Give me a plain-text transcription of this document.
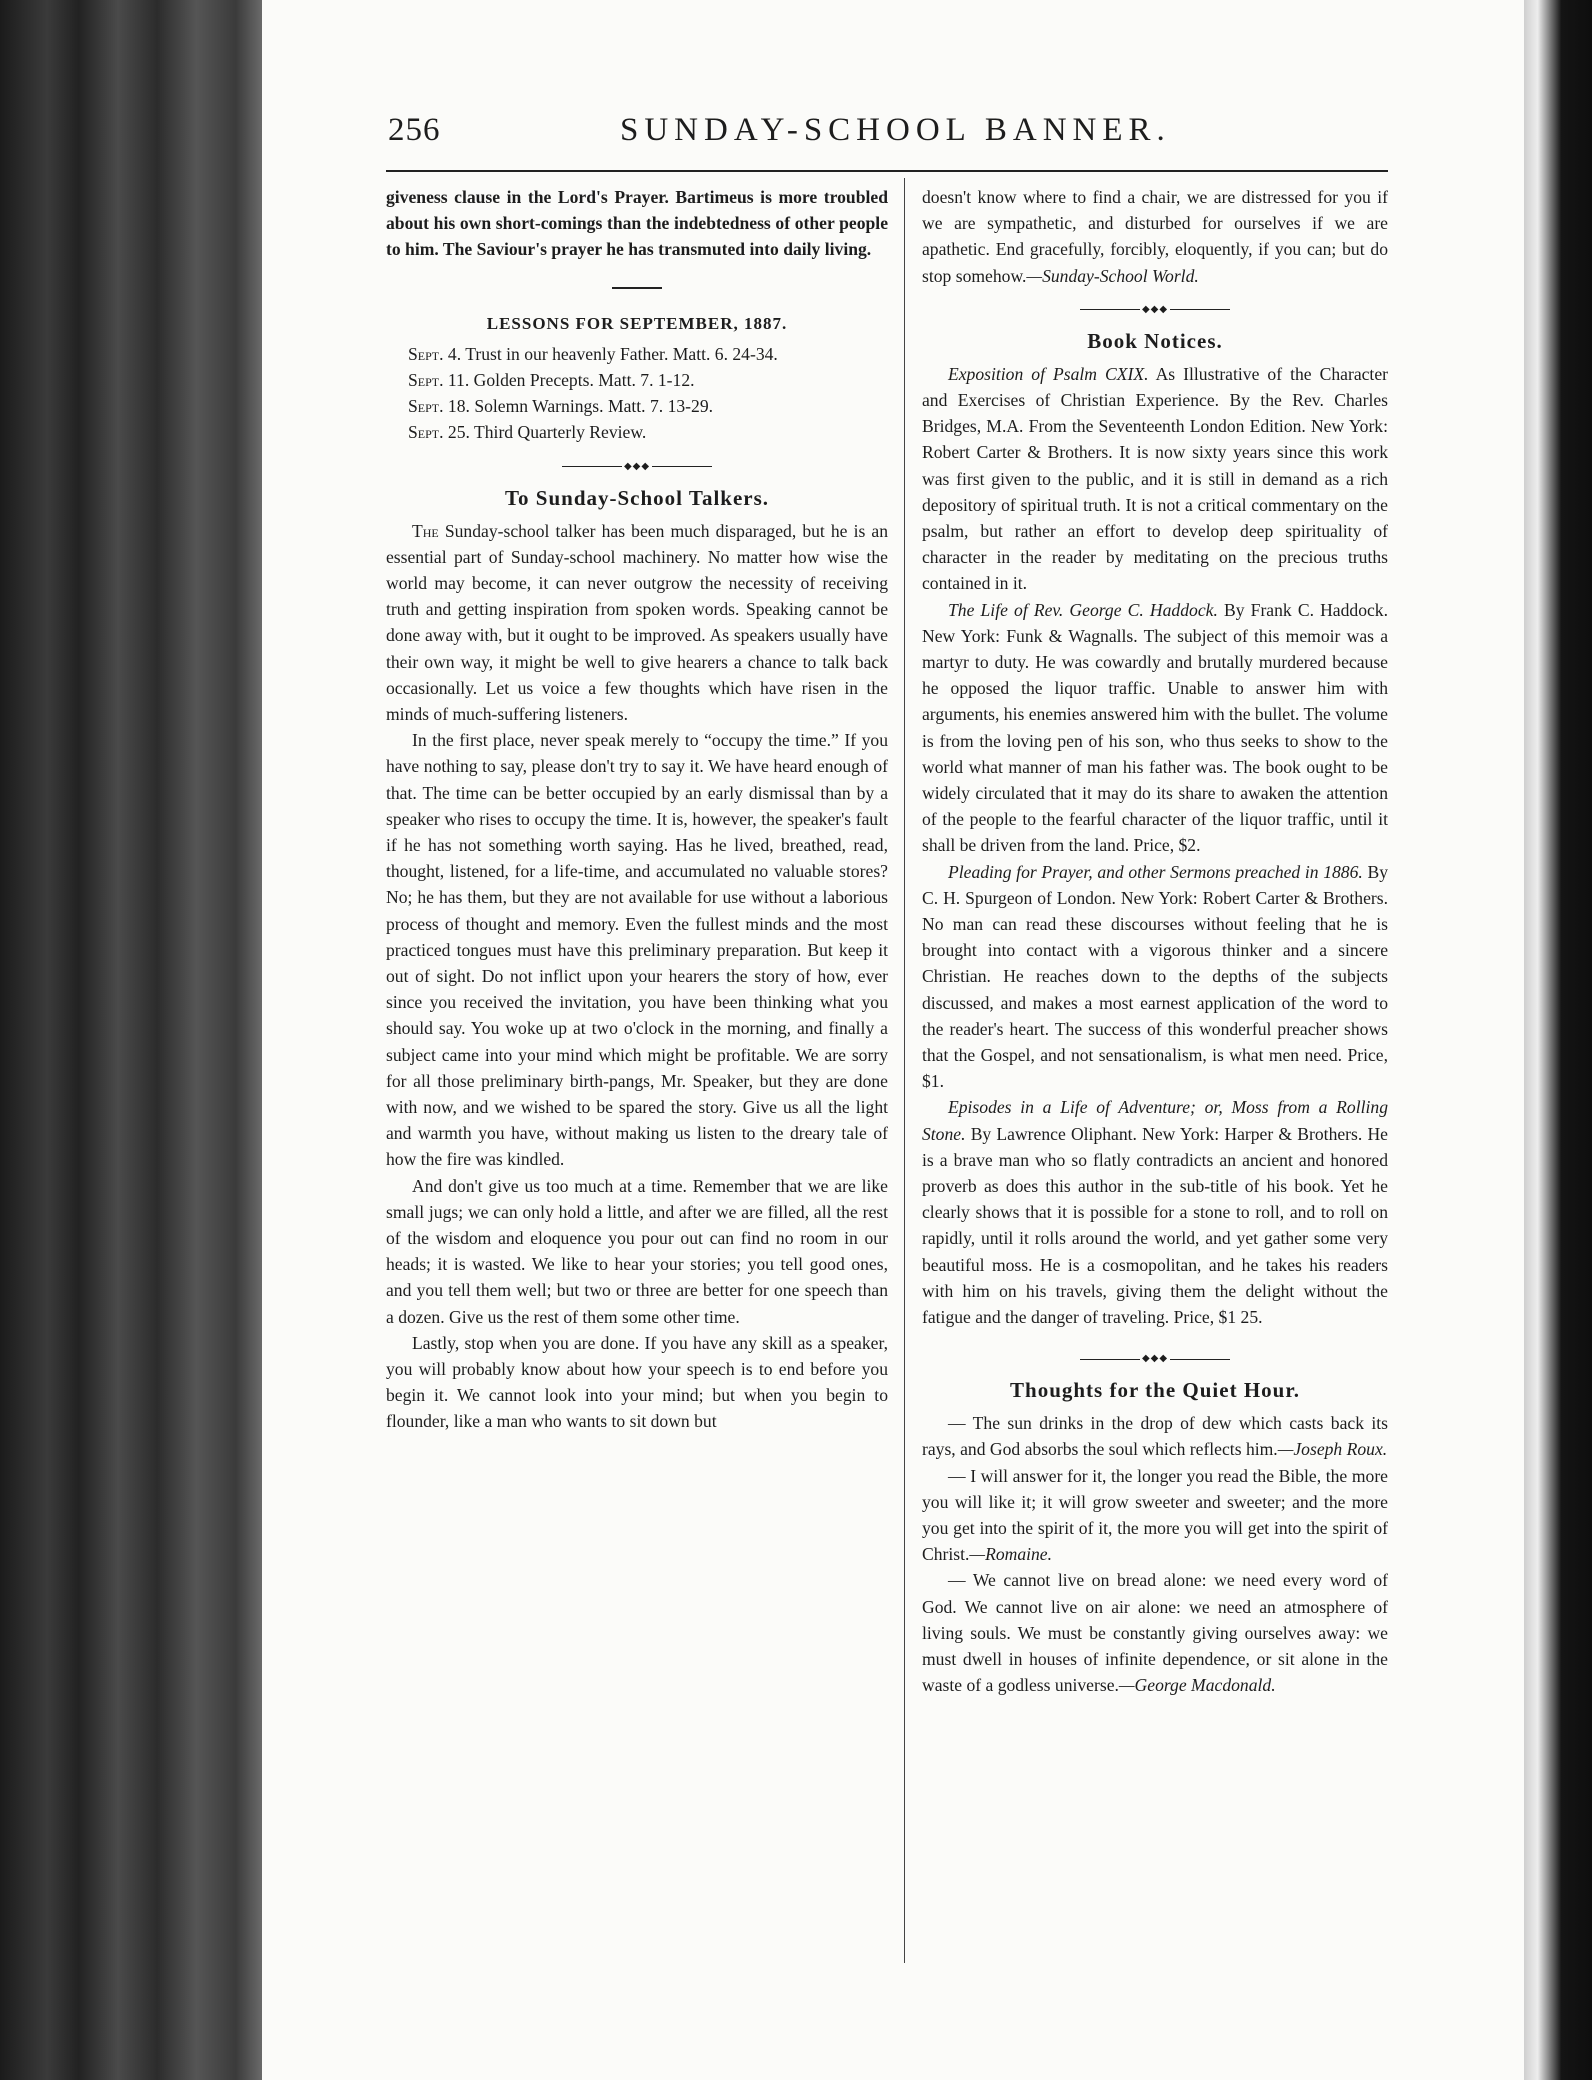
256	SUNDAY-SCHOOL BANNER.

giveness clause in the Lord's Prayer. Bartimeus is more troubled about his own short-comings than the indebtedness of other people to him. The Saviour's prayer he has transmuted into daily living.

LESSONS FOR SEPTEMBER, 1887.

Sept. 4. Trust in our heavenly Father. Matt. 6. 24-34.

Sept. 11. Golden Precepts. Matt. 7. 1-12.

Sept. 18. Solemn Warnings. Matt. 7. 13-29.

Sept. 25. Third Quarterly Review.

◆◆◆
To Sunday-School Talkers.

The Sunday-school talker has been much disparaged, but he is an essential part of Sunday-school machinery. No matter how wise the world may become, it can never outgrow the necessity of receiving truth and getting inspiration from spoken words. Speaking cannot be done away with, but it ought to be improved. As speakers usually have their own way, it might be well to give hearers a chance to talk back occasionally. Let us voice a few thoughts which have risen in the minds of much-suffering listeners.

In the first place, never speak merely to “occupy the time.” If you have nothing to say, please don't try to say it. We have heard enough of that. The time can be better occupied by an early dismissal than by a speaker who rises to occupy the time. It is, however, the speaker's fault if he has not something worth saying. Has he lived, breathed, read, thought, listened, for a life-time, and accumulated no valuable stores? No; he has them, but they are not available for use without a laborious process of thought and memory. Even the fullest minds and the most practiced tongues must have this preliminary preparation. But keep it out of sight. Do not inflict upon your hearers the story of how, ever since you received the invitation, you have been thinking what you should say. You woke up at two o'clock in the morning, and finally a subject came into your mind which might be profitable. We are sorry for all those preliminary birth-pangs, Mr. Speaker, but they are done with now, and we wished to be spared the story. Give us all the light and warmth you have, without making us listen to the dreary tale of how the fire was kindled.

And don't give us too much at a time. Remember that we are like small jugs; we can only hold a little, and after we are filled, all the rest of the wisdom and eloquence you pour out can find no room in our heads; it is wasted. We like to hear your stories; you tell good ones, and you tell them well; but two or three are better for one speech than a dozen. Give us the rest of them some other time.

Lastly, stop when you are done. If you have any skill as a speaker, you will probably know about how your speech is to end before you begin it. We cannot look into your mind; but when you begin to flounder, like a man who wants to sit down but

doesn't know where to find a chair, we are distressed for you if we are sympathetic, and disturbed for ourselves if we are apathetic. End gracefully, forcibly, eloquently, if you can; but do stop somehow.—Sunday-School World.

◆◆◆
Book Notices.

Exposition of Psalm CXIX. As Illustrative of the Character and Exercises of Christian Experience. By the Rev. Charles Bridges, M.A. From the Seventeenth London Edition. New York: Robert Carter & Brothers. It is now sixty years since this work was first given to the public, and it is still in demand as a rich depository of spiritual truth. It is not a critical commentary on the psalm, but rather an effort to develop deep spirituality of character in the reader by meditating on the precious truths contained in it.

The Life of Rev. George C. Haddock. By Frank C. Haddock. New York: Funk & Wagnalls. The subject of this memoir was a martyr to duty. He was cowardly and brutally murdered because he opposed the liquor traffic. Unable to answer him with arguments, his enemies answered him with the bullet. The volume is from the loving pen of his son, who thus seeks to show to the world what manner of man his father was. The book ought to be widely circulated that it may do its share to awaken the attention of the people to the fearful character of the liquor traffic, until it shall be driven from the land. Price, $2.

Pleading for Prayer, and other Sermons preached in 1886. By C. H. Spurgeon of London. New York: Robert Carter & Brothers. No man can read these discourses without feeling that he is brought into contact with a vigorous thinker and a sincere Christian. He reaches down to the depths of the subjects discussed, and makes a most earnest application of the word to the reader's heart. The success of this wonderful preacher shows that the Gospel, and not sensationalism, is what men need. Price, $1.

Episodes in a Life of Adventure; or, Moss from a Rolling Stone. By Lawrence Oliphant. New York: Harper & Brothers. He is a brave man who so flatly contradicts an ancient and honored proverb as does this author in the sub-title of his book. Yet he clearly shows that it is possible for a stone to roll, and to roll on rapidly, until it rolls around the world, and yet gather some very beautiful moss. He is a cosmopolitan, and he takes his readers with him on his travels, giving them the delight without the fatigue and the danger of traveling. Price, $1 25.

◆◆◆
Thoughts for the Quiet Hour.

— The sun drinks in the drop of dew which casts back its rays, and God absorbs the soul which reflects him.—Joseph Roux.

— I will answer for it, the longer you read the Bible, the more you will like it; it will grow sweeter and sweeter; and the more you get into the spirit of it, the more you will get into the spirit of Christ.—Romaine.

— We cannot live on bread alone: we need every word of God. We cannot live on air alone: we need an atmosphere of living souls. We must be constantly giving ourselves away: we must dwell in houses of infinite dependence, or sit alone in the waste of a godless universe.—George Macdonald.
